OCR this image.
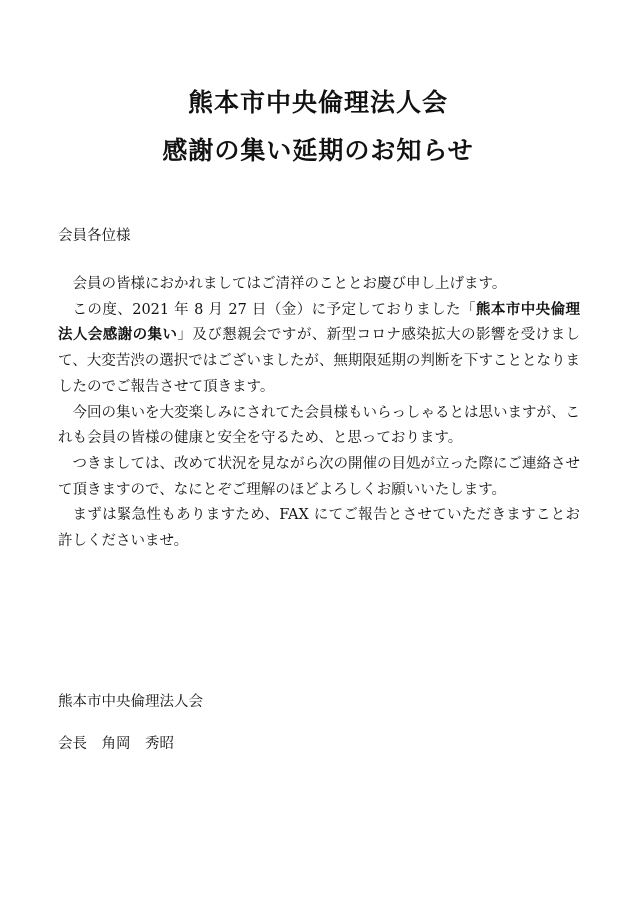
熊本市中央倫理法人会
感謝の集い延期のお知らせ
会員各位様

会員の皆様におかれましてはご清祥のこととお慶び申し上げます。

この度、2021 年 8 月 27 日（金）に予定しておりました「熊本市中央倫理法人会感謝の集い」及び懇親会ですが、新型コロナ感染拡大の影響を受けまして、大変苦渋の選択ではございましたが、無期限延期の判断を下すこととなりましたのでご報告させて頂きます。

今回の集いを大変楽しみにされてた会員様もいらっしゃるとは思いますが、これも会員の皆様の健康と安全を守るため、と思っております。

つきましては、改めて状況を見ながら次の開催の目処が立った際にご連絡させて頂きますので、なにとぞご理解のほどよろしくお願いいたします。

まずは緊急性もありますため、FAX にてご報告とさせていただきますことお許しくださいませ。

熊本市中央倫理法人会
会長　角岡　秀昭
